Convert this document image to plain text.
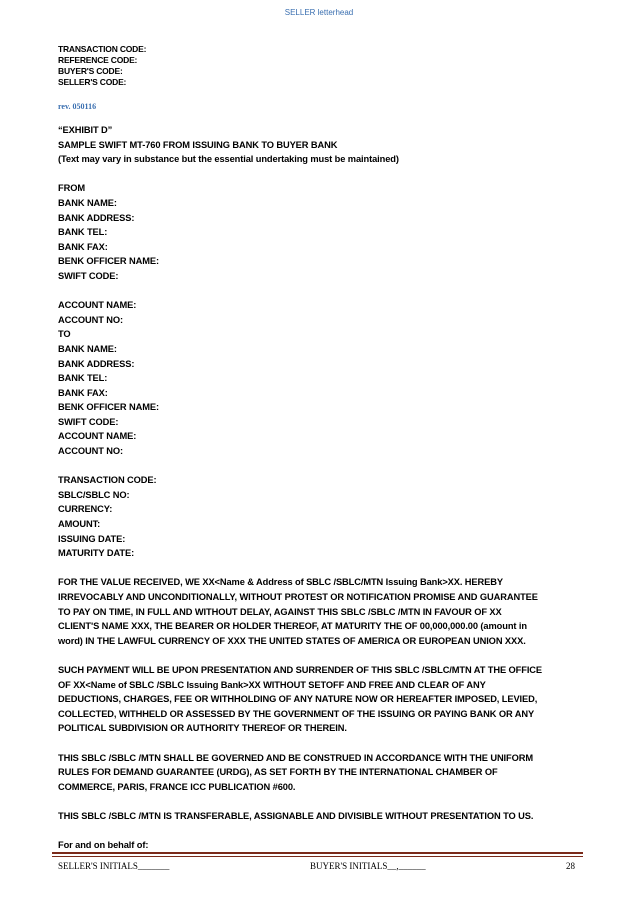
SELLER letterhead
TRANSACTION CODE:
REFERENCE CODE:
BUYER'S CODE:
SELLER'S CODE:
rev. 050116
“EXHIBIT D”
SAMPLE SWIFT MT-760 FROM ISSUING BANK TO BUYER BANK
(Text may vary in substance but the essential undertaking must be maintained)
FROM
BANK NAME:
BANK ADDRESS:
BANK TEL:
BANK FAX:
BENK OFFICER NAME:
SWIFT CODE:
ACCOUNT NAME:
ACCOUNT NO:
TO
BANK NAME:
BANK ADDRESS:
BANK TEL:
BANK FAX:
BENK OFFICER NAME:
SWIFT CODE:
ACCOUNT NAME:
ACCOUNT NO:
TRANSACTION CODE:
SBLC/SBLC NO:
CURRENCY:
AMOUNT:
ISSUING DATE:
MATURITY DATE:
FOR THE VALUE RECEIVED, WE XX<Name & Address of SBLC /SBLC/MTN Issuing Bank>XX. HEREBY
IRREVOCABLY AND UNCONDITIONALLY, WITHOUT PROTEST OR NOTIFICATION PROMISE AND GUARANTEE
TO PAY ON TIME, IN FULL AND WITHOUT DELAY, AGAINST THIS SBLC /SBLC /MTN IN FAVOUR OF XX
CLIENT'S NAME XXX, THE BEARER OR HOLDER THEREOF, AT MATURITY THE OF 00,000,000.00 (amount in
word) IN THE LAWFUL CURRENCY OF XXX THE UNITED STATES OF AMERICA OR EUROPEAN UNION XXX.
SUCH PAYMENT WILL BE UPON PRESENTATION AND SURRENDER OF THIS SBLC /SBLC/MTN AT THE OFFICE
OF XX<Name of SBLC /SBLC Issuing Bank>XX WITHOUT SETOFF AND FREE AND CLEAR OF ANY
DEDUCTIONS, CHARGES, FEE OR WITHHOLDING OF ANY NATURE NOW OR HEREAFTER IMPOSED, LEVIED,
COLLECTED, WITHHELD OR ASSESSED BY THE GOVERNMENT OF THE ISSUING OR PAYING BANK OR ANY
POLITICAL SUBDIVISION OR AUTHORITY THEREOF OR THEREIN.
THIS SBLC /SBLC /MTN SHALL BE GOVERNED AND BE CONSTRUED IN ACCORDANCE WITH THE UNIFORM
RULES FOR DEMAND GUARANTEE (URDG), AS SET FORTH BY THE INTERNATIONAL CHAMBER OF
COMMERCE, PARIS, FRANCE ICC PUBLICATION #600.
THIS SBLC /SBLC /MTN IS TRANSFERABLE, ASSIGNABLE AND DIVISIBLE WITHOUT PRESENTATION TO US.
For and on behalf of:
SELLER'S INITIALS_______	BUYER'S INITIALS__,______	28
